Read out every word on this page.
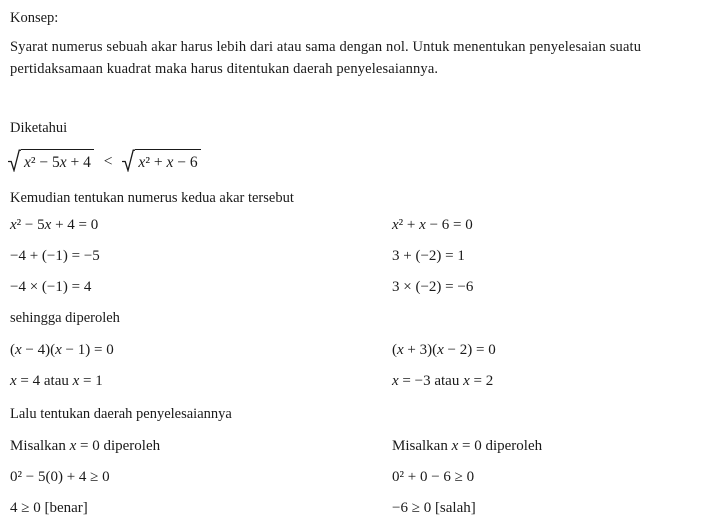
Konsep:
Syarat numerus sebuah akar harus lebih dari atau sama dengan nol. Untuk menentukan penyelesaian suatu pertidaksamaan kuadrat maka harus ditentukan daerah penyelesaiannya.
Diketahui
x² − 5x + 4 < x² + x − 6
Kemudian tentukan numerus kedua akar tersebut
x² − 5x + 4 = 0	x² + x − 6 = 0
−4 + (−1) = −5	3 + (−2) = 1
−4 × (−1) = 4	3 × (−2) = −6
sehingga diperoleh
(x − 4)(x − 1) = 0	(x + 3)(x − 2) = 0
x = 4 atau x = 1	x = −3 atau x = 2
Lalu tentukan daerah penyelesaiannya
Misalkan x = 0 diperoleh	Misalkan x = 0 diperoleh
0² − 5(0) + 4 ≥ 0	0² + 0 − 6 ≥ 0
4 ≥ 0 [benar]	−6 ≥ 0 [salah]
